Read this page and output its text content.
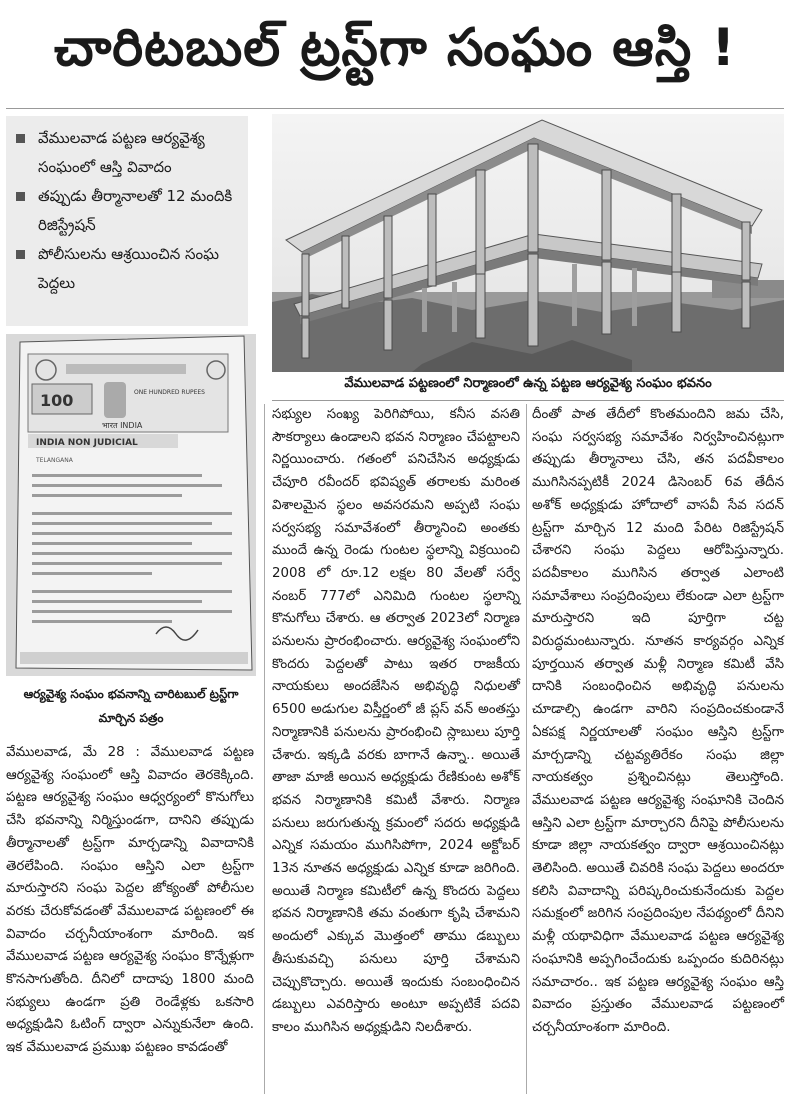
చారిటబుల్ ట్రస్ట్‌గా సంఘం ఆస్తి !
వేములవాడ పట్టణ ఆర్యవైశ్య సంఘంలో ఆస్తి వివాదం
తప్పుడు తీర్మానాలతో 12 మందికి రిజిస్ట్రేషన్
పోలీసులను ఆశ్రయించిన సంఘ పెద్దలు
వేములవాడ పట్టణంలో నిర్మాణంలో ఉన్న పట్టణ ఆర్యవైశ్య సంఘం భవనం
100	ONE HUNDRED RUPEES
भारत INDIA
INDIA NON JUDICIAL
TELANGANA
ఆర్యవైశ్య సంఘం భవనాన్ని చారిటబుల్ ట్రస్ట్‌గా మార్చిన పత్రం

వేములవాడ, మే 28 : వేములవాడ పట్టణ ఆర్యవైశ్య సంఘంలో ఆస్తి వివాదం తెరకెక్కింది. పట్టణ ఆర్యవైశ్య సంఘం ఆధ్వర్యంలో కొనుగోలు చేసి భవనాన్ని నిర్మిస్తుండగా, దానిని తప్పుడు తీర్మానాలతో ట్రస్ట్‌గా మార్చడాన్ని వివాదానికి తెరలేపింది. సంఘం ఆస్తిని ఎలా ట్రస్ట్‌గా మారుస్తారని సంఘ పెద్దల జోక్యంతో పోలీసుల వరకు చేరుకోవడంతో వేములవాడ పట్టణంలో ఈ వివాదం చర్చనీయాంశంగా మారింది. ఇక వేములవాడ పట్టణ ఆర్యవైశ్య సంఘం కొన్నేళ్లుగా కొనసాగుతోంది. దీనిలో దాదాపు 1800 మంది సభ్యులు ఉండగా ప్రతి రెండేళ్లకు ఒకసారి అధ్యక్షుడిని ఓటింగ్ ద్వారా ఎన్నుకునేలా ఉంది. ఇక వేములవాడ ప్రముఖ పట్టణం కావడంతో

సభ్యుల సంఖ్య పెరిగిపోయి, కనీస వసతి సౌకర్యాలు ఉండాలని భవన నిర్మాణం చేపట్టాలని నిర్ణయించారు. గతంలో పనిచేసిన అధ్యక్షుడు చేపూరి రవీందర్ భవిష్యత్ తరాలకు మరింత విశాలమైన స్థలం అవసరమని అప్పటి సంఘ సర్వసభ్య సమావేశంలో తీర్మానించి అంతకు ముందే ఉన్న రెండు గుంటల స్థలాన్ని విక్రయించి 2008 లో రూ.12 లక్షల 80 వేలతో సర్వే నంబర్ 777లో ఎనిమిది గుంటల స్థలాన్ని కొనుగోలు చేశారు. ఆ తర్వాత 2023లో నిర్మాణ పనులను ప్రారంభించారు. ఆర్యవైశ్య సంఘంలోని కొందరు పెద్దలతో పాటు ఇతర రాజకీయ నాయకులు అందజేసిన అభివృద్ధి నిధులతో 6500 అడుగుల విస్తీర్ణంలో జీ ప్లస్ వన్ అంతస్తు నిర్మాణానికి పనులను ప్రారంభించి స్లాబులు పూర్తి చేశారు. ఇక్కడి వరకు బాగానే ఉన్నా.. అయితే తాజా మాజీ అయిన అధ్యక్షుడు రేణికుంట అశోక్ భవన నిర్మాణానికి కమిటీ వేశారు. నిర్మాణ పనులు జరుగుతున్న క్రమంలో సదరు అధ్యక్షుడి ఎన్నిక సమయం ముగిసిపోగా, 2024 అక్టోబర్ 13న నూతన అధ్యక్షుడు ఎన్నిక కూడా జరిగింది. అయితే నిర్మాణ కమిటీలో ఉన్న కొందరు పెద్దలు భవన నిర్మాణానికి తమ వంతుగా కృషి చేశామని అందులో ఎక్కువ మొత్తంలో తాము డబ్బులు తీసుకువచ్చి పనులు పూర్తి చేశామని చెప్పుకొచ్చారు. అయితే ఇందుకు సంబంధించిన డబ్బులు ఎవరిస్తారు అంటూ అప్పటికే పదవి కాలం ముగిసిన అధ్యక్షుడిని నిలదీశారు.

దీంతో పాత తేదీలో కొంతమందిని జమ చేసి, సంఘ సర్వసభ్య సమావేశం నిర్వహించినట్లుగా తప్పుడు తీర్మానాలు చేసి, తన పదవీకాలం ముగిసినప్పటికీ 2024 డిసెంబర్ 6వ తేదీన అశోక్ అధ్యక్షుడు హోదాలో వాసవీ సేవ సదన్ ట్రస్ట్‌గా మార్చిన 12 మంది పేరిట రిజిస్ట్రేషన్ చేశారని సంఘ పెద్దలు ఆరోపిస్తున్నారు. పదవీకాలం ముగిసిన తర్వాత ఎలాంటి సమావేశాలు సంప్రదింపులు లేకుండా ఎలా ట్రస్ట్‌గా మారుస్తారని ఇది పూర్తిగా చట్ట విరుద్ధమంటున్నారు. నూతన కార్యవర్గం ఎన్నిక పూర్తయిన తర్వాత మళ్లీ నిర్మాణ కమిటీ వేసి దానికి సంబంధించిన అభివృద్ధి పనులను చూడాల్సి ఉండగా వారిని సంప్రదించకుండానే ఏకపక్ష నిర్ణయాలతో సంఘం ఆస్తిని ట్రస్ట్‌గా మార్చడాన్ని చట్టవ్యతిరేకం సంఘ జిల్లా నాయకత్వం ప్రశ్నించినట్లు తెలుస్తోంది. వేములవాడ పట్టణ ఆర్యవైశ్య సంఘానికి చెందిన ఆస్తిని ఎలా ట్రస్ట్‌గా మార్చారని దీనిపై పోలీసులను కూడా జిల్లా నాయకత్వం ద్వారా ఆశ్రయించినట్లు తెలిసింది. అయితే చివరికి సంఘ పెద్దలు అందరూ కలిసి వివాదాన్ని పరిష్కరించుకునేందుకు పెద్దల సమక్షంలో జరిగిన సంప్రదింపుల నేపథ్యంలో దీనిని మళ్లీ యథావిధిగా వేములవాడ పట్టణ ఆర్యవైశ్య సంఘానికి అప్పగించేందుకు ఒప్పందం కుదిరినట్లు సమాచారం.. ఇక పట్టణ ఆర్యవైశ్య సంఘం ఆస్తి వివాదం ప్రస్తుతం వేములవాడ పట్టణంలో చర్చనీయాంశంగా మారింది.
